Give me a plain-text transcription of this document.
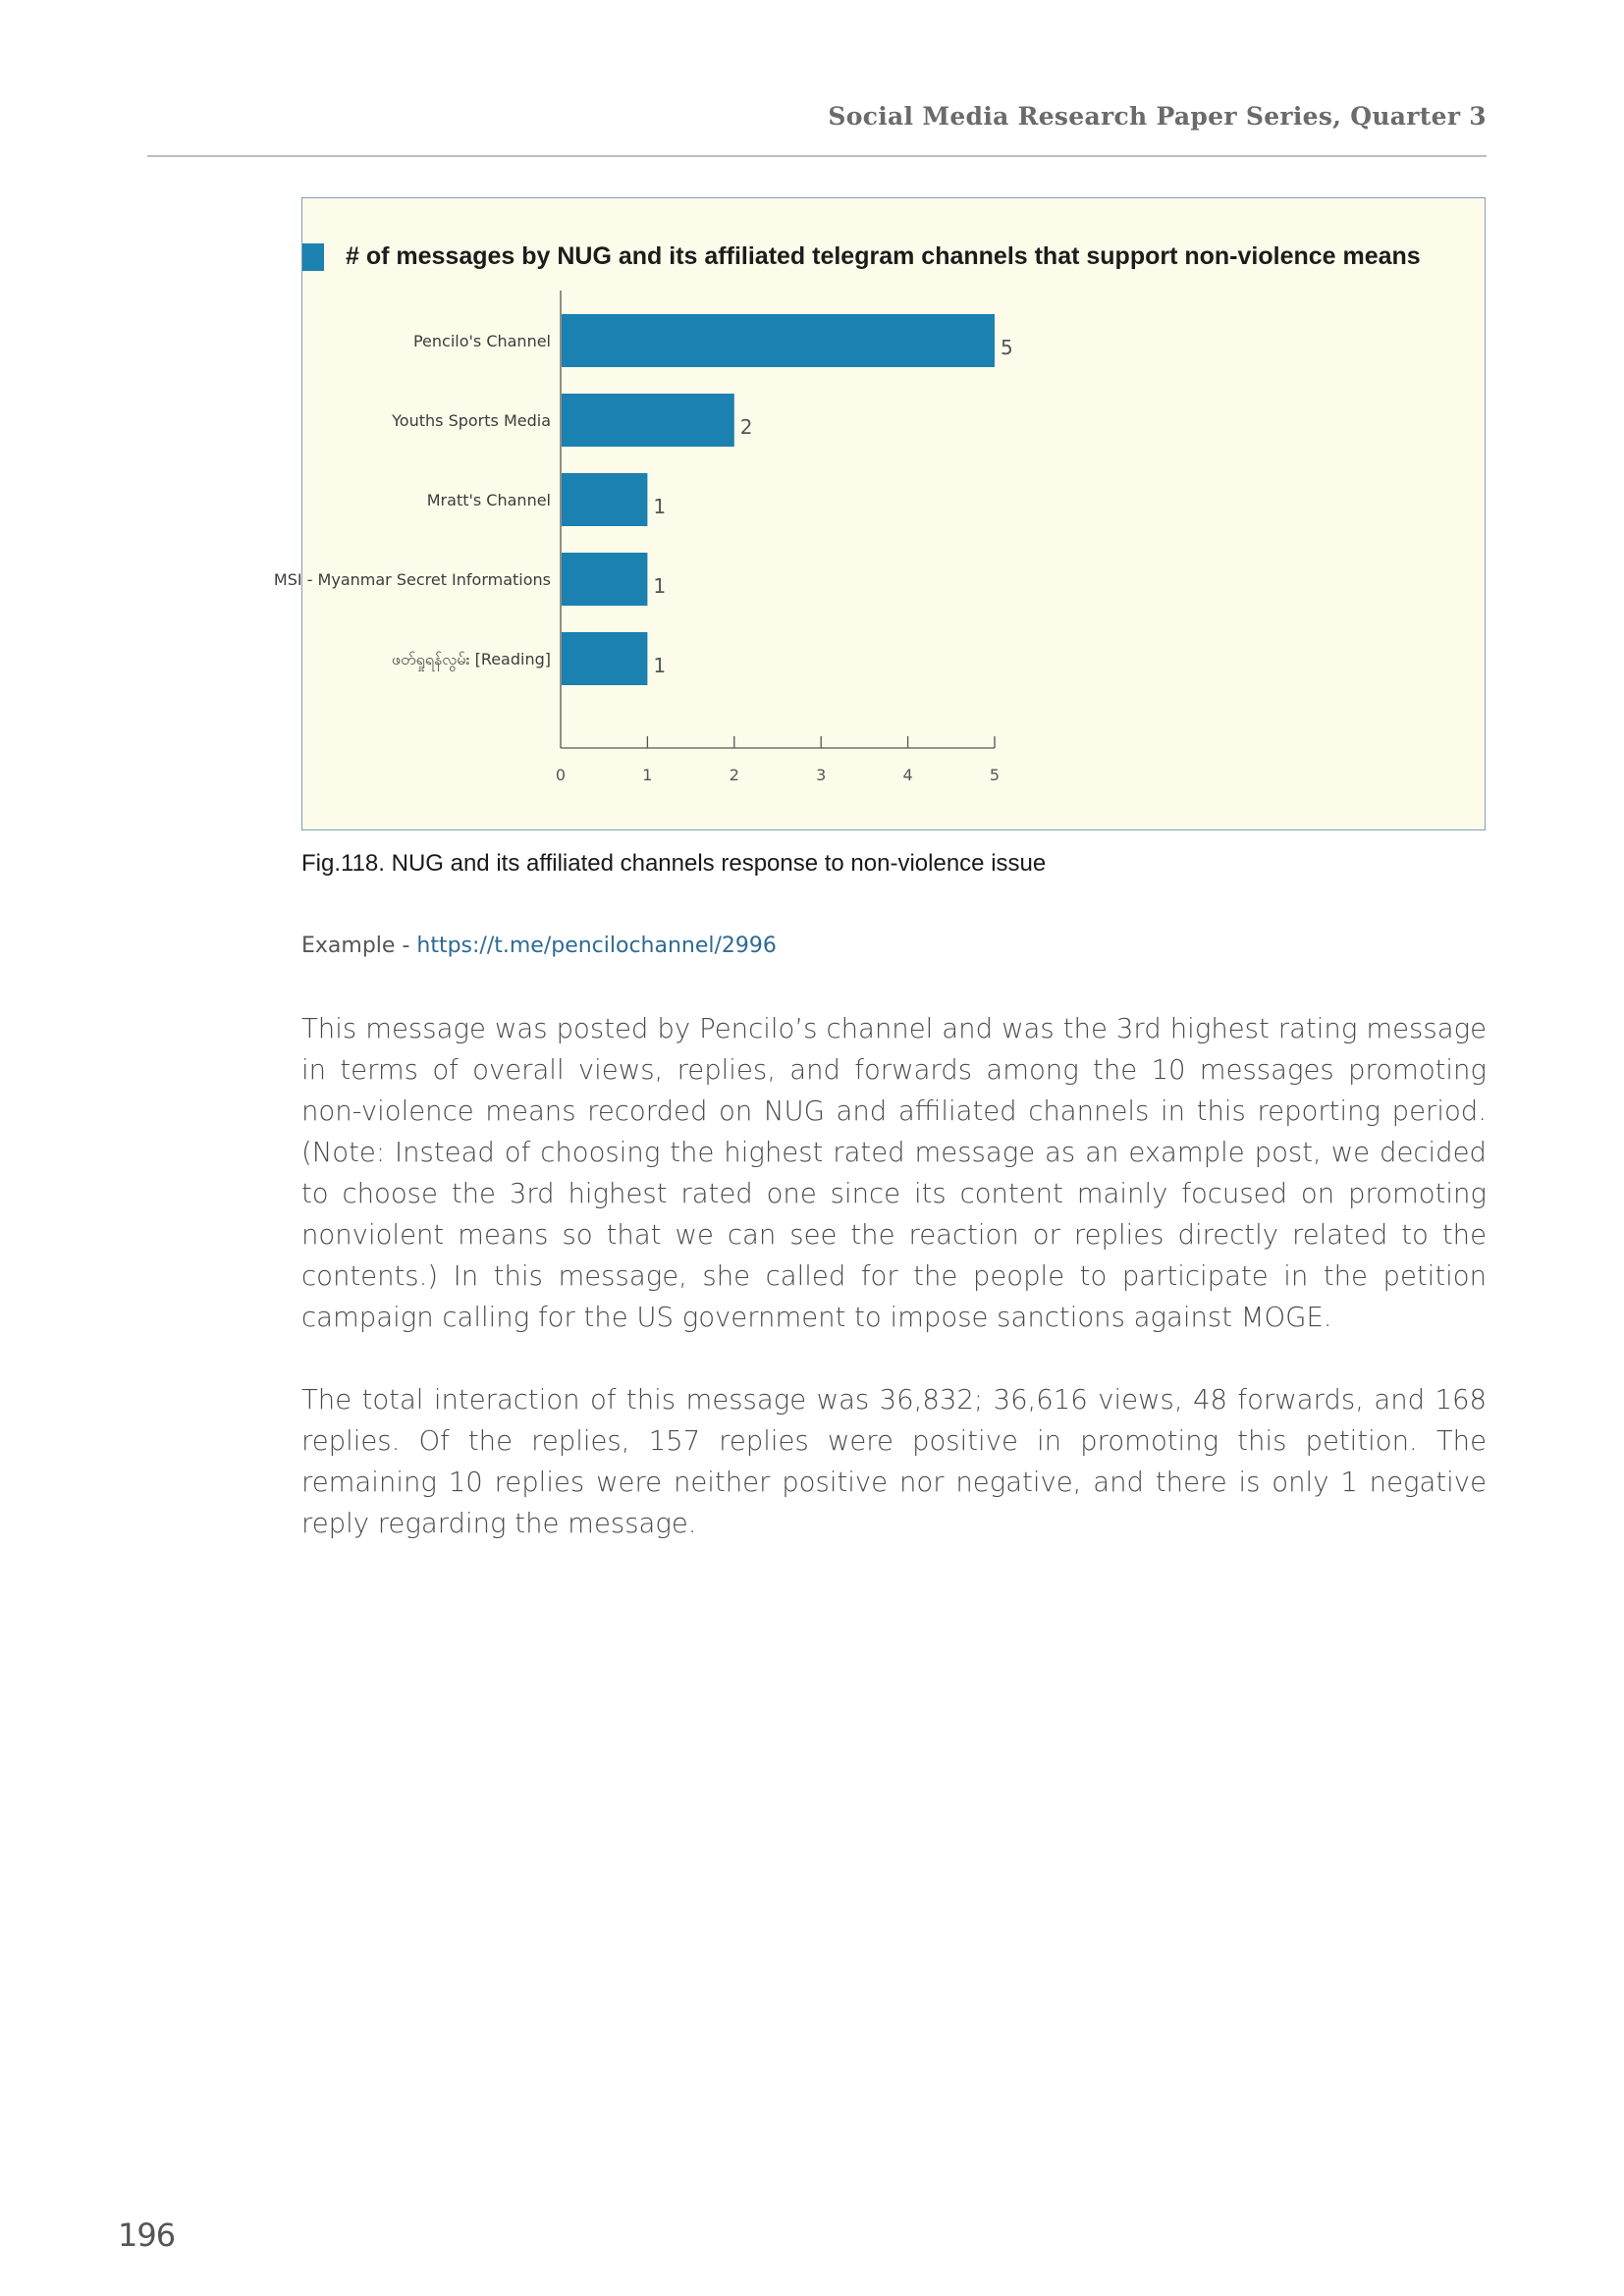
Social Media Research Paper Series, Quarter 3
# of messages by NUG and its affiliated telegram channels that support non-violence means
Pencilo's Channel	5
Youths Sports Media	2
Mratt's Channel	1
MSI - Myanmar Secret Informations	1
ဖတ်ရှုရန်လွမ်း [Reading]	1
0	1	2	3	4	5
Fig.118. NUG and its affiliated channels response to non-violence issue
Example - https://t.me/pencilochannel/2996

This message was posted by Pencilo’s channel and was the 3rd highest rating message in terms of overall views, replies, and forwards among the 10 messages promoting non-violence means recorded on NUG and affiliated channels in this reporting period. (Note: Instead of choosing the highest rated message as an example post, we decided to choose the 3rd highest rated one since its content mainly focused on promoting nonviolent means so that we can see the reaction or replies directly related to the contents.) In this message, she called for the people to participate in the petition campaign calling for the US government to impose sanctions against MOGE.

The total interaction of this message was 36,832; 36,616 views, 48 forwards, and 168 replies. Of the replies, 157 replies were positive in promoting this petition. The remaining 10 replies were neither positive nor negative, and there is only 1 negative reply regarding the message.

196
